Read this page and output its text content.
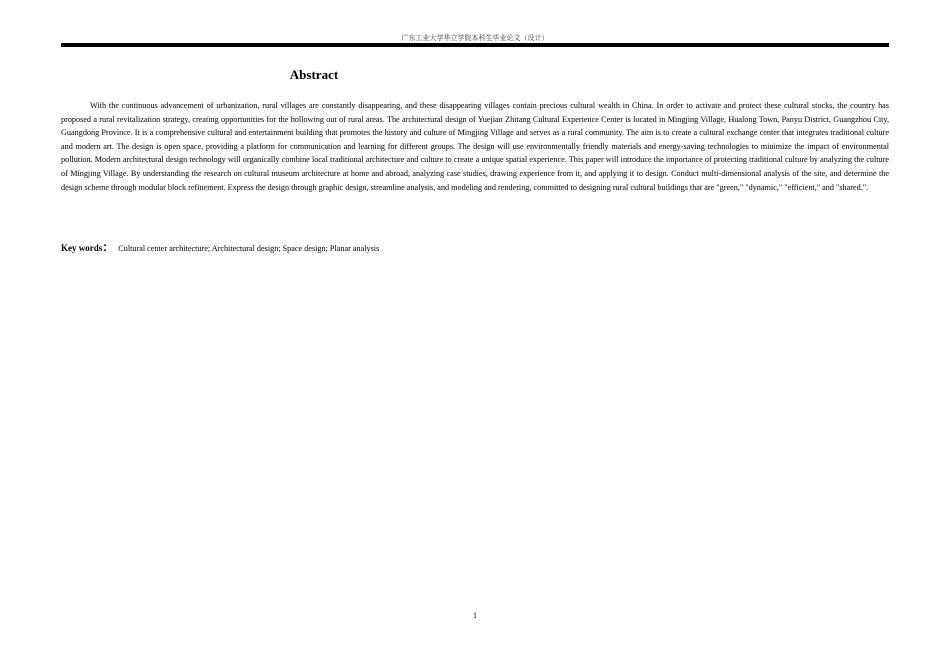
广东工业大学华立学院本科生毕业论文（设计）
Abstract

With the continuous advancement of urbanization, rural villages are constantly disappearing, and these disappearing villages contain precious cultural wealth in China. In order to activate and protect these cultural stocks, the country has proposed a rural revitalization strategy, creating opportunities for the hollowing out of rural areas. The architectural design of Yuejian Zhitang Cultural Experience Center is located in Mingjing Village, Hualong Town, Panyu District, Guangzhou City, Guangdong Province. It is a comprehensive cultural and entertainment building that promotes the history and culture of Mingjing Village and serves as a rural community. The aim is to create a cultural exchange center that integrates traditional culture and modern art. The design is open space, providing a platform for communication and learning for different groups. The design will use environmentally friendly materials and energy-saving technologies to minimize the impact of environmental pollution. Modern architectural design technology will organically combine local traditional architecture and culture to create a unique spatial experience. This paper will introduce the importance of protecting traditional culture by analyzing the culture of Mingjing Village. By understanding the research on cultural museum architecture at home and abroad, analyzing case studies, drawing experience from it, and applying it to design. Conduct multi-dimensional analysis of the site, and determine the design scheme through modular block refinement. Express the design through graphic design, streamline analysis, and modeling and rendering, committed to designing rural cultural buildings that are "green," "dynamic," "efficient," and "shared.".

Key words： Cultural center architecture; Architectural design; Space design; Planar analysis
1
